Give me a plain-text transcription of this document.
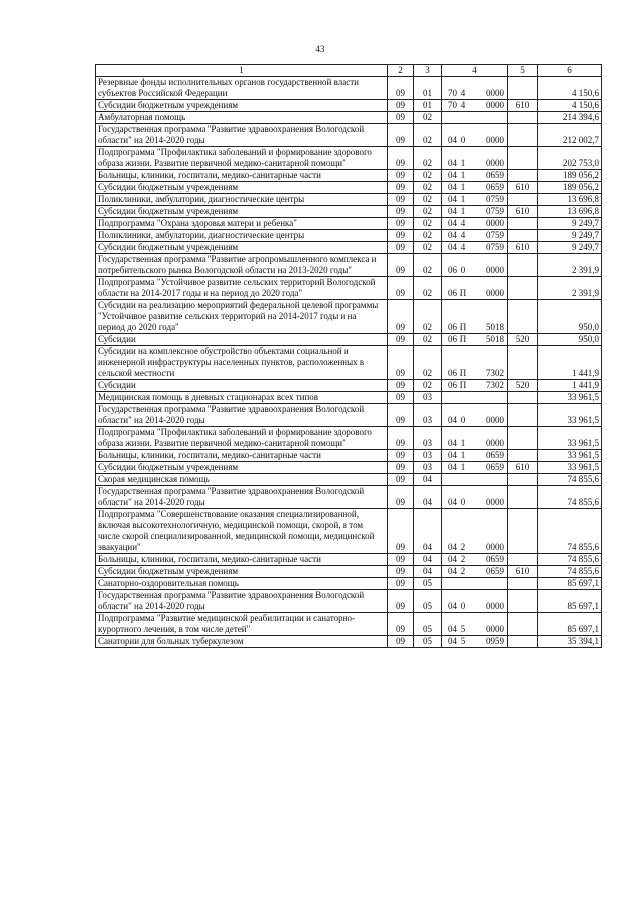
43
1	2	3	4	5	6
Резервные фонды исполнительных органов государственной власти субъектов Российской Федерации	09	01	70 4 0000		4 150,6
Субсидии бюджетным учреждениям	09	01	70 4 0000	610	4 150,6
Амбулаторная помощь	09	02			214 394,6
Государственная программа "Развитие здравоохранения Вологодской области" на 2014-2020 годы	09	02	04 0 0000		212 002,7
Подпрограмма "Профилактика заболеваний и формирование здорового образа жизни. Развитие первичной медико-санитарной помощи"	09	02	04 1 0000		202 753,0
Больницы, клиники, госпитали, медико-санитарные части	09	02	04 1 0659		189 056,2
Субсидии бюджетным учреждениям	09	02	04 1 0659	610	189 056,2
Поликлиники, амбулатории, диагностические центры	09	02	04 1 0759		13 696,8
Субсидии бюджетным учреждениям	09	02	04 1 0759	610	13 696,8
Подпрограмма "Охрана здоровья матери и ребенка"	09	02	04 4 0000		9 249,7
Поликлиники, амбулатории, диагностические центры	09	02	04 4 0759		9 249,7
Субсидии бюджетным учреждениям	09	02	04 4 0759	610	9 249,7
Государственная программа "Развитие агропромышленного комплекса и потребительского рынка Вологодской области на 2013-2020 годы"	09	02	06 0 0000		2 391,9
Подпрограмма "Устойчивое развитие сельских территорий Вологодской области на 2014-2017 годы и на период до 2020 года"	09	02	06 П 0000		2 391,9
Субсидии на реализацию мероприятий федеральной целевой программы "Устойчивое развитие сельских территорий на 2014-2017 годы и на период до 2020 года"	09	02	06 П 5018		950,0
Субсидии	09	02	06 П 5018	520	950,0
Субсидии на комплексное обустройство объектами социальной и инженерной инфраструктуры населенных пунктов, расположенных в сельской местности	09	02	06 П 7302		1 441,9
Субсидии	09	02	06 П 7302	520	1 441,9
Медицинская помощь в дневных стационарах всех типов	09	03			33 961,5
Государственная программа "Развитие здравоохранения Вологодской области" на 2014-2020 годы	09	03	04 0 0000		33 961,5
Подпрограмма "Профилактика заболеваний и формирование здорового образа жизни. Развитие первичной медико-санитарной помощи"	09	03	04 1 0000		33 961,5
Больницы, клиники, госпитали, медико-санитарные части	09	03	04 1 0659		33 961,5
Субсидии бюджетным учреждениям	09	03	04 1 0659	610	33 961,5
Скорая медицинская помощь	09	04			74 855,6
Государственная программа "Развитие здравоохранения Вологодской области" на 2014-2020 годы	09	04	04 0 0000		74 855,6
Подпрограмма "Совершенствование оказания специализированной, включая высокотехнологичную, медицинской помощи, скорой, в том числе скорой специализированной, медицинской помощи, медицинской эвакуации"	09	04	04 2 0000		74 855,6
Больницы, клиники, госпитали, медико-санитарные части	09	04	04 2 0659		74 855,6
Субсидии бюджетным учреждениям	09	04	04 2 0659	610	74 855,6
Санаторно-оздоровительная помощь	09	05			85 697,1
Государственная программа "Развитие здравоохранения Вологодской области" на 2014-2020 годы	09	05	04 0 0000		85 697,1
Подпрограмма "Развитие медицинской реабилитации и санаторно-курортного лечения, в том числе детей"	09	05	04 5 0000		85 697,1
Санатории для больных туберкулезом	09	05	04 5 0959		35 394,1
